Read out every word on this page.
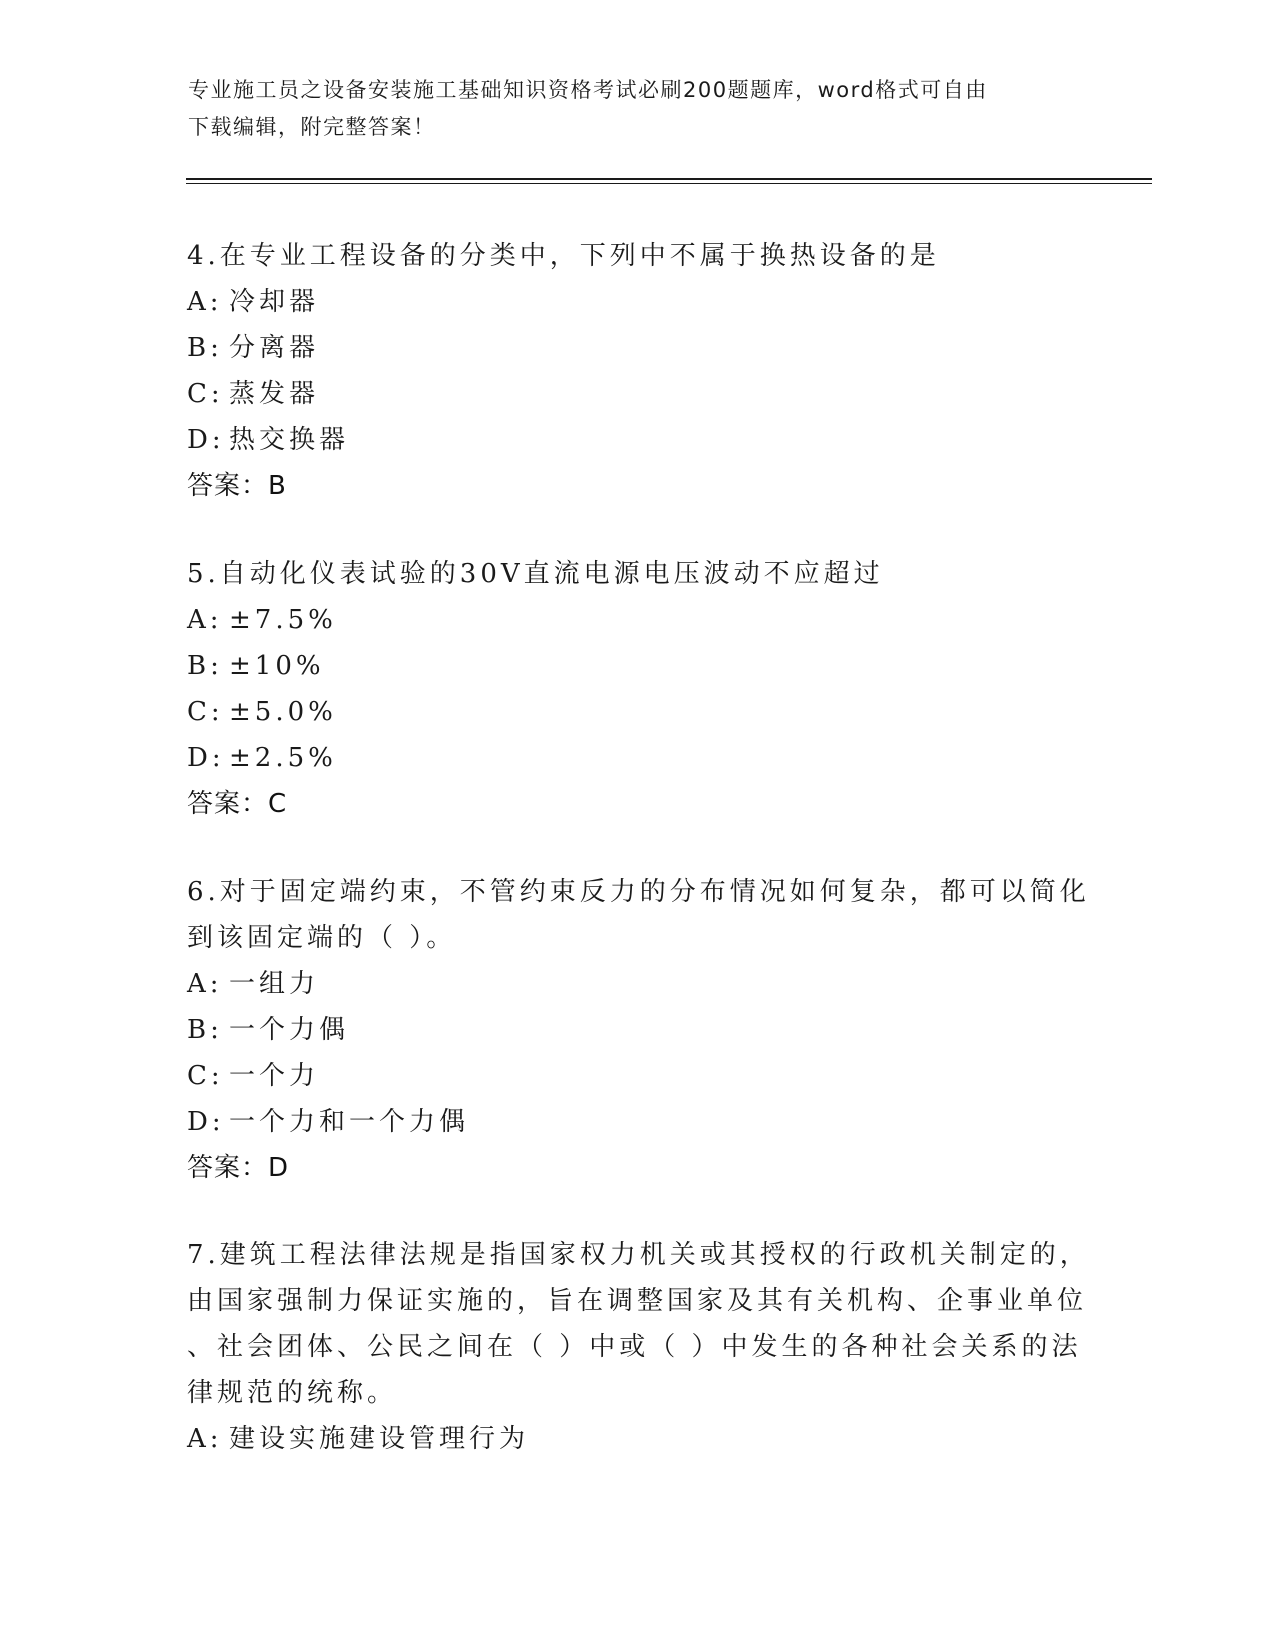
专业施工员之设备安装施工基础知识资格考试必刷200题题库，word格式可自由
下载编辑，附完整答案！
4.在专业工程设备的分类中，下列中不属于换热设备的是
A: 冷却器
B: 分离器
C: 蒸发器
D: 热交换器
答案：B
5.自动化仪表试验的30V直流电源电压波动不应超过
A: ±7.5%
B: ±10%
C: ±5.0%
D: ±2.5%
答案：C
6.对于固定端约束，不管约束反力的分布情况如何复杂，都可以简化
到该固定端的（ ）。
A: 一组力
B: 一个力偶
C: 一个力
D: 一个力和一个力偶
答案：D
7.建筑工程法律法规是指国家权力机关或其授权的行政机关制定的，
由国家强制力保证实施的，旨在调整国家及其有关机构、企事业单位
、社会团体、公民之间在（ ）中或（ ）中发生的各种社会关系的法
律规范的统称。
A: 建设实施建设管理行为
